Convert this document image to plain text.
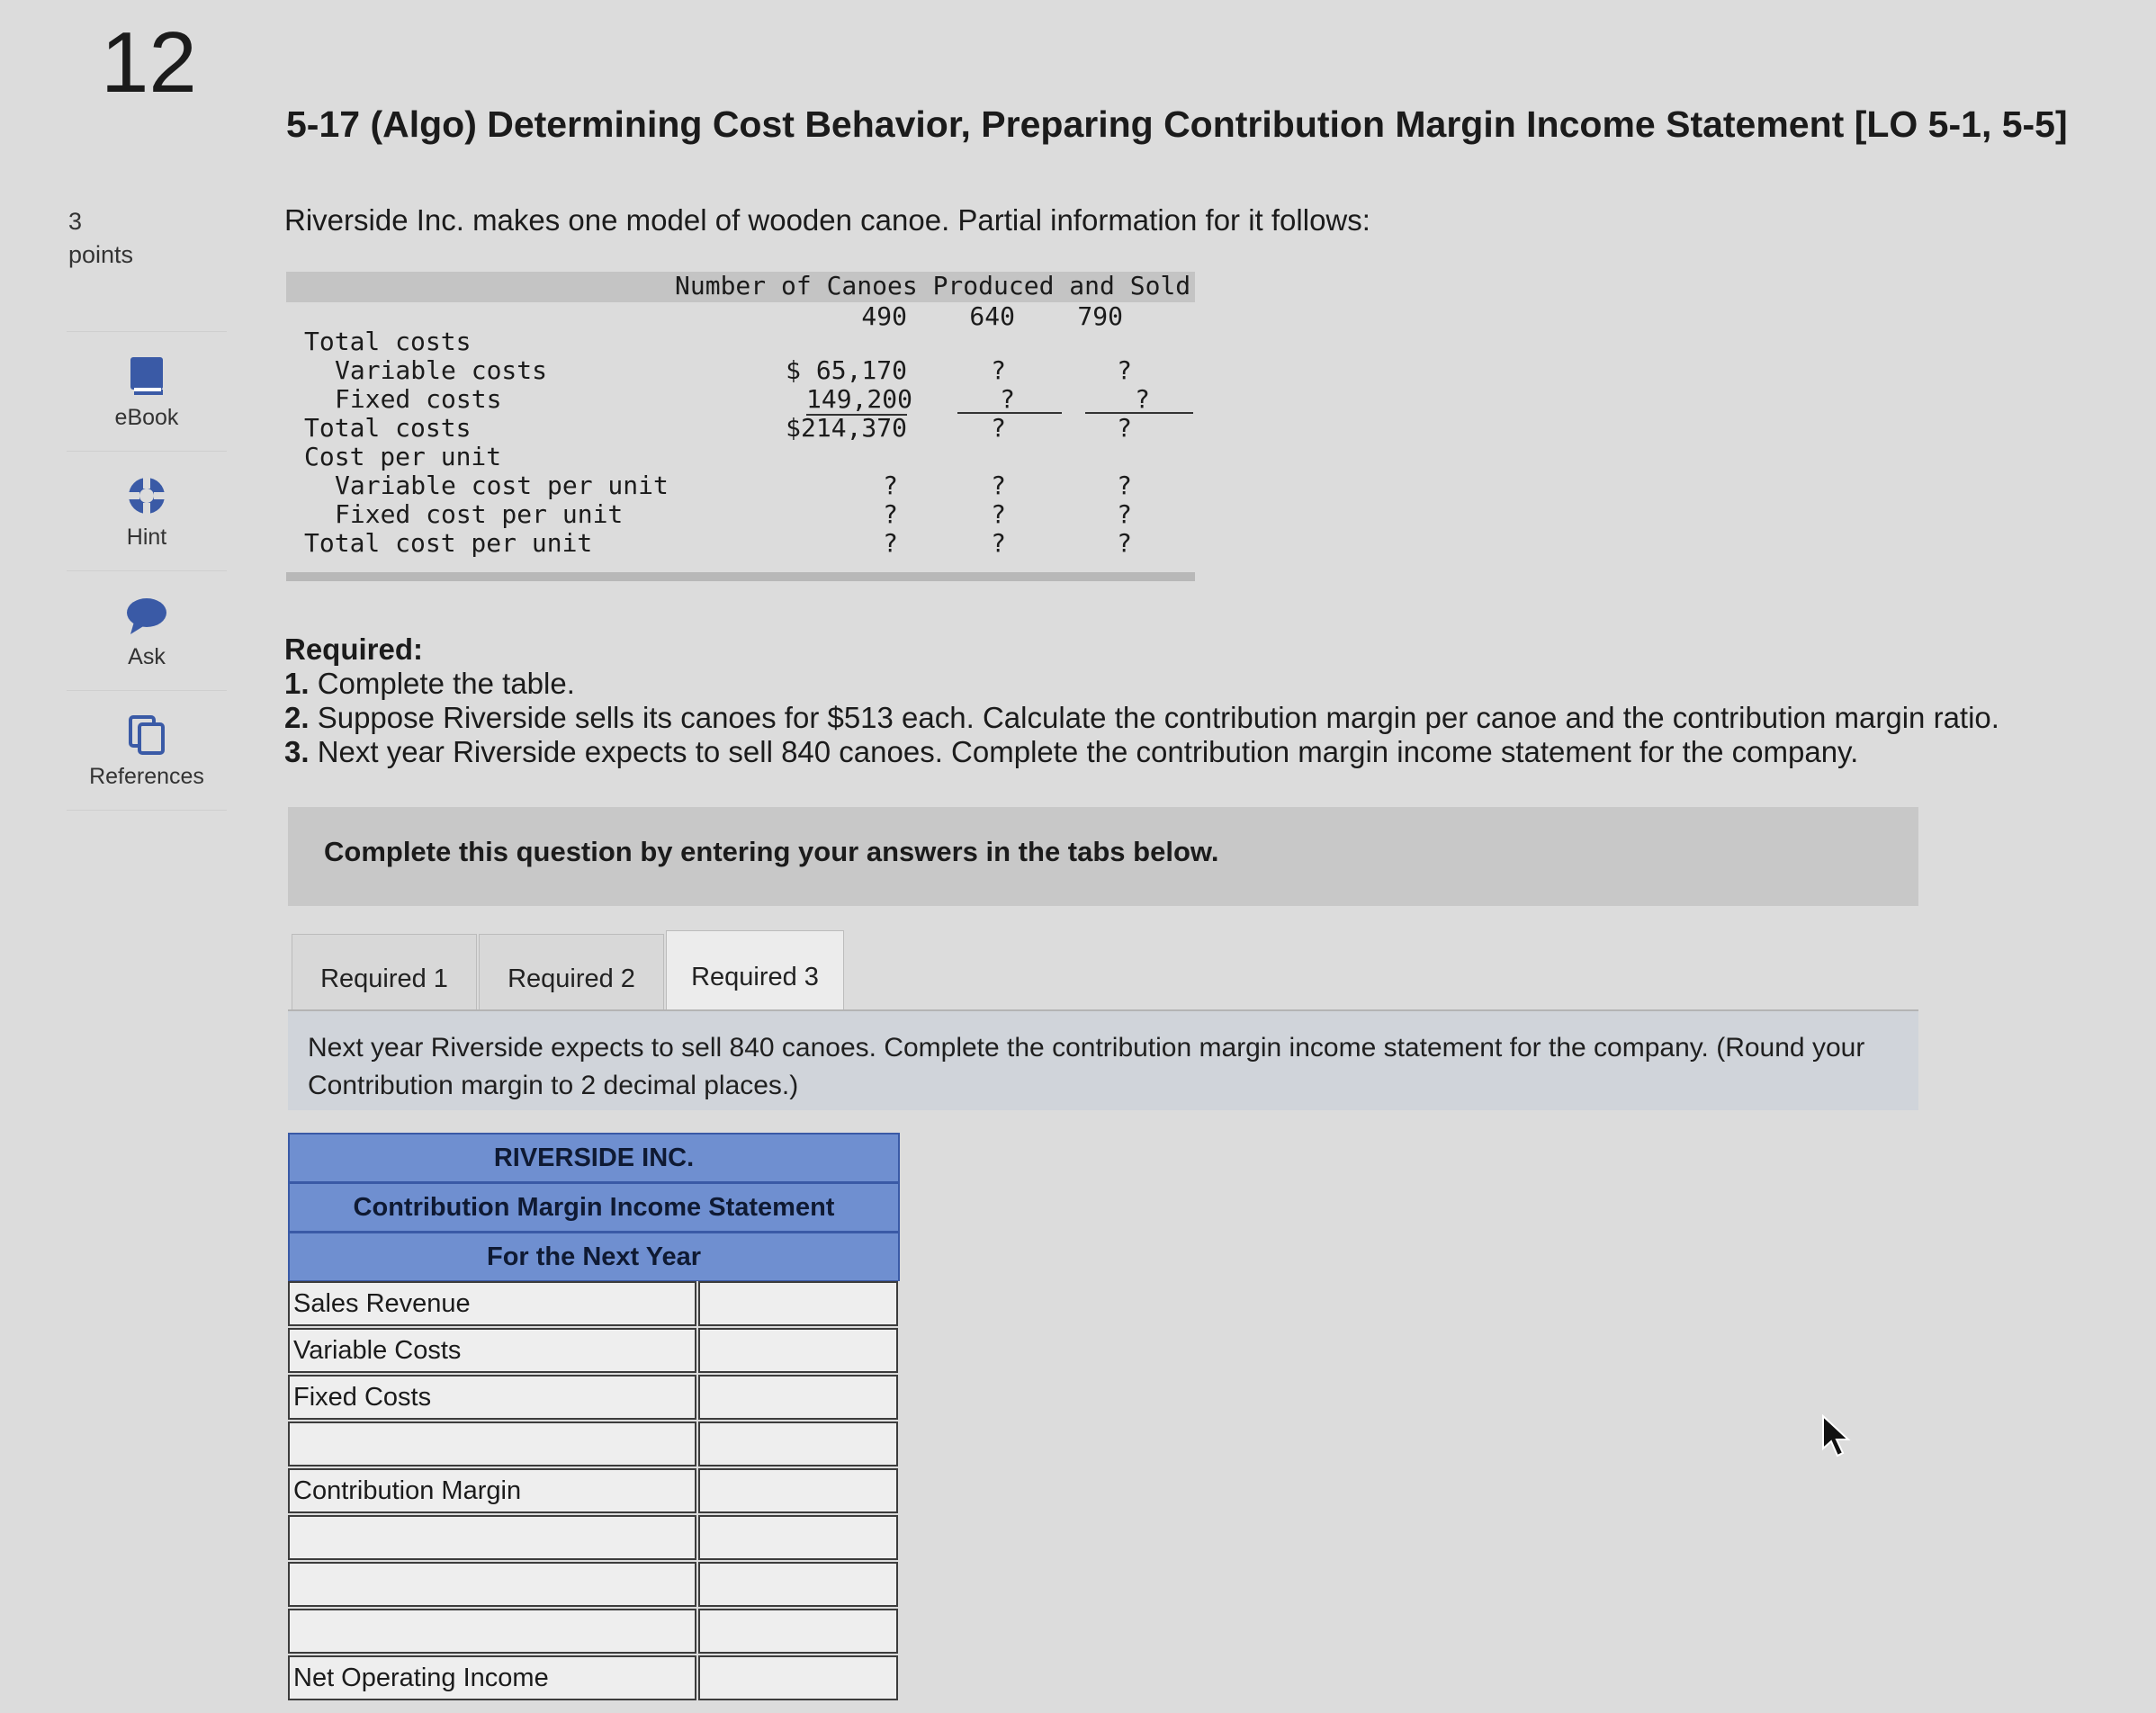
12
3
points
eBook
Hint
Ask
References
5-17 (Algo) Determining Cost Behavior, Preparing Contribution Margin Income Statement [LO 5-1, 5-5]
Riverside Inc. makes one model of wooden canoe. Partial information for it follows:
Number of Canoes Produced and Sold
490	640	790
Total costs
Variable costs	$ 65,170	?	?
Fixed costs	149,200	?	?
Total costs	$214,370	?	?
Cost per unit
Variable cost per unit	?	?	?
Fixed cost per unit	?	?	?
Total cost per unit	?	?	?
Required:
1. Complete the table.
2. Suppose Riverside sells its canoes for $513 each. Calculate the contribution margin per canoe and the contribution margin ratio.
3. Next year Riverside expects to sell 840 canoes. Complete the contribution margin income statement for the company.
Complete this question by entering your answers in the tabs below.
Required 1	Required 2	Required 3
Next year Riverside expects to sell 840 canoes. Complete the contribution margin income statement for the company. (Round your Contribution margin to 2 decimal places.)
RIVERSIDE INC.
Contribution Margin Income Statement
For the Next Year
Sales Revenue
Variable Costs
Fixed Costs
Contribution Margin
Net Operating Income
